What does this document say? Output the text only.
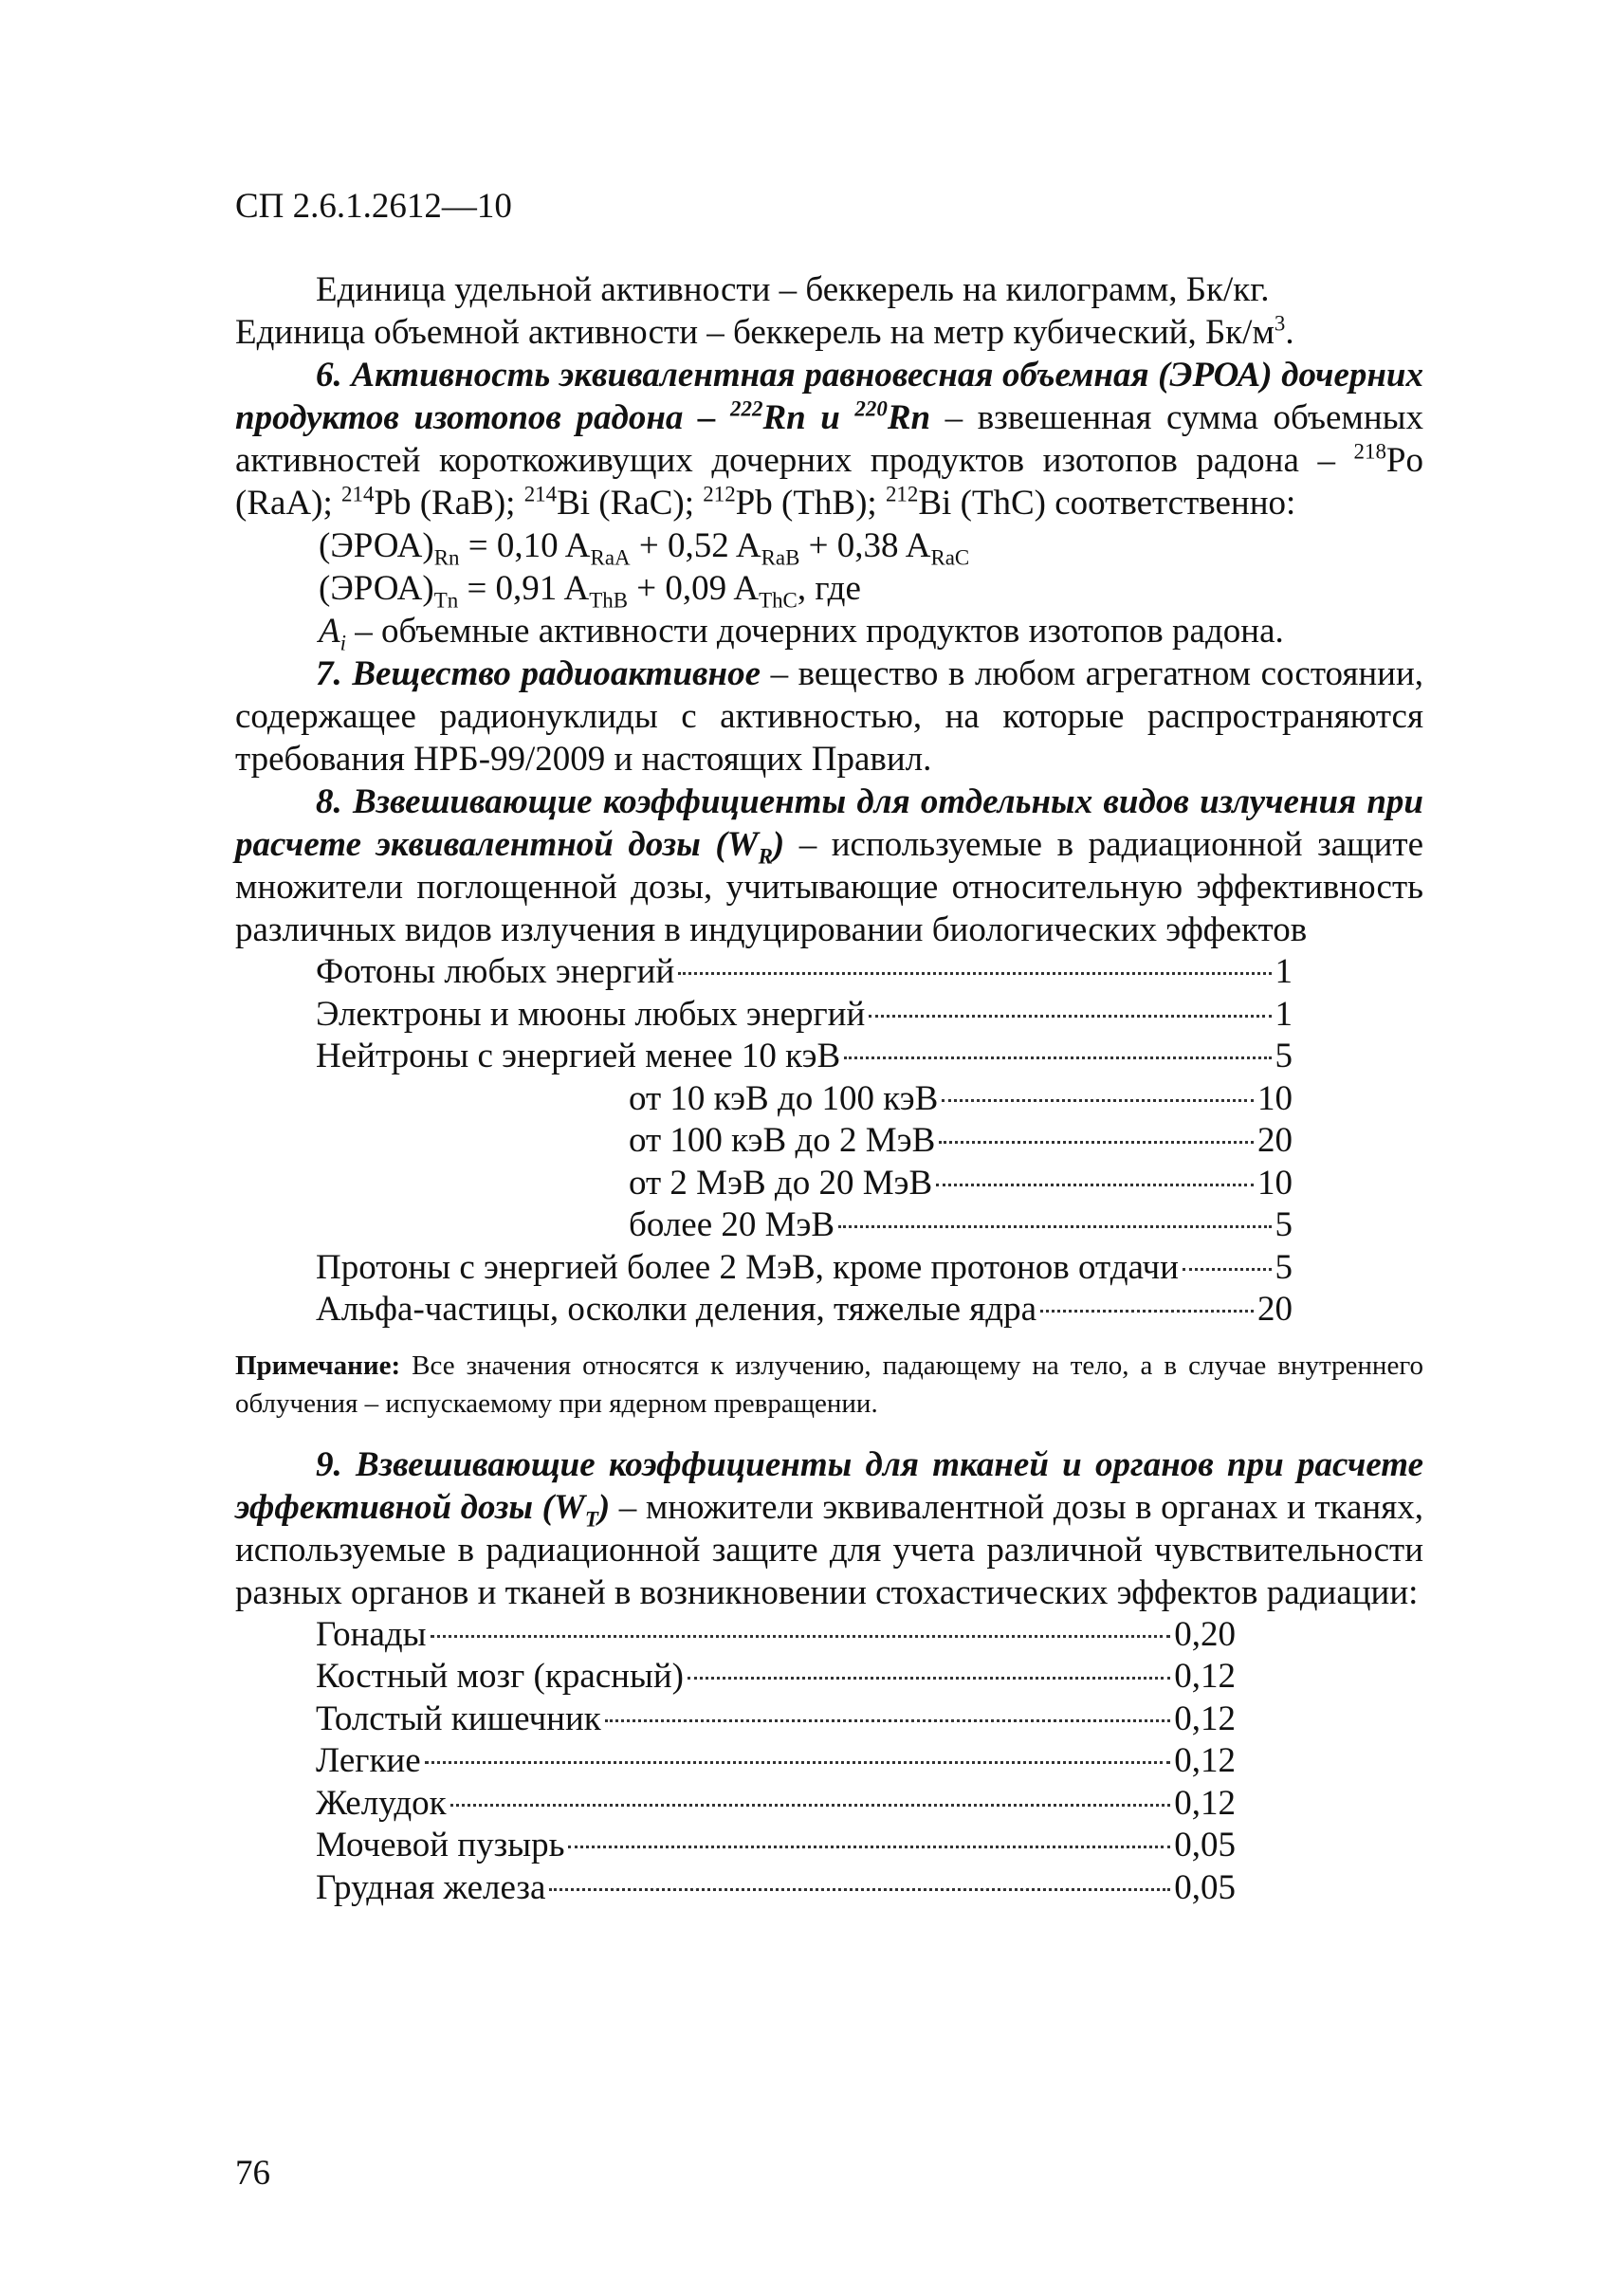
СП 2.6.1.2612—10

Единица удельной активности – беккерель на килограмм, Бк/кг.

Единица объемной активности – беккерель на метр кубический, $Бк/м^3$.

6. Активность эквивалентная равновесная объемная (ЭРОА) дочерних продуктов изотопов радона – $^{222}$Rn и $^{220}$Rn – взвешенная сумма объемных активностей короткоживущих дочерних продуктов изотопов радона – $^{218}$Po (RaA); $^{214}$Pb (RaB); $^{214}$Bi (RaC); $^{212}$Pb (ThB); $^{212}$Bi (ThC) соответственно:

$(ЭРОА)_{Rn} = 0,10$ $A_{RaA} + 0,52$ $A_{RaB} + 0,38$ $A_{RaC}$

$(ЭРОА)_{Tn} = 0,91$ $A_{ThB} + 0,09$ $A_{ThC}$, где

$A_i$ – объемные активности дочерних продуктов изотопов радона.

7. Вещество радиоактивное – вещество в любом агрегатном состоянии, содержащее радионуклиды с активностью, на которые распространяются требования НРБ-99/2009 и настоящих Правил.

8. Взвешивающие коэффициенты для отдельных видов излучения при расчете эквивалентной дозы $(W_R)$ – используемые в радиационной защите множители поглощенной дозы, учитывающие относительную эффективность различных видов излучения в индуцировании биологических эффектов

Фотоны любых энергий	1
Электроны и мюоны любых энергий	1
Нейтроны с энергией менее 10 кэВ	5
от 10 кэВ до 100 кэВ	10
от 100 кэВ до 2 МэВ	20
от 2 МэВ до 20 МэВ	10
более 20 МэВ	5
Протоны с энергией более 2 МэВ, кроме протонов отдачи	5
Альфа-частицы, осколки деления, тяжелые ядра	20

Примечание: Все значения относятся к излучению, падающему на тело, а в случае внутреннего облучения – испускаемому при ядерном превращении.

9. Взвешивающие коэффициенты для тканей и органов при расчете эффективной дозы $(W_T)$ – множители эквивалентной дозы в органах и тканях, используемые в радиационной защите для учета различной чувствительности разных органов и тканей в возникновении стохастических эффектов радиации:

Гонады	0,20
Костный мозг (красный)	0,12
Толстый кишечник	0,12
Легкие	0,12
Желудок	0,12
Мочевой пузырь	0,05
Грудная железа	0,05
76
